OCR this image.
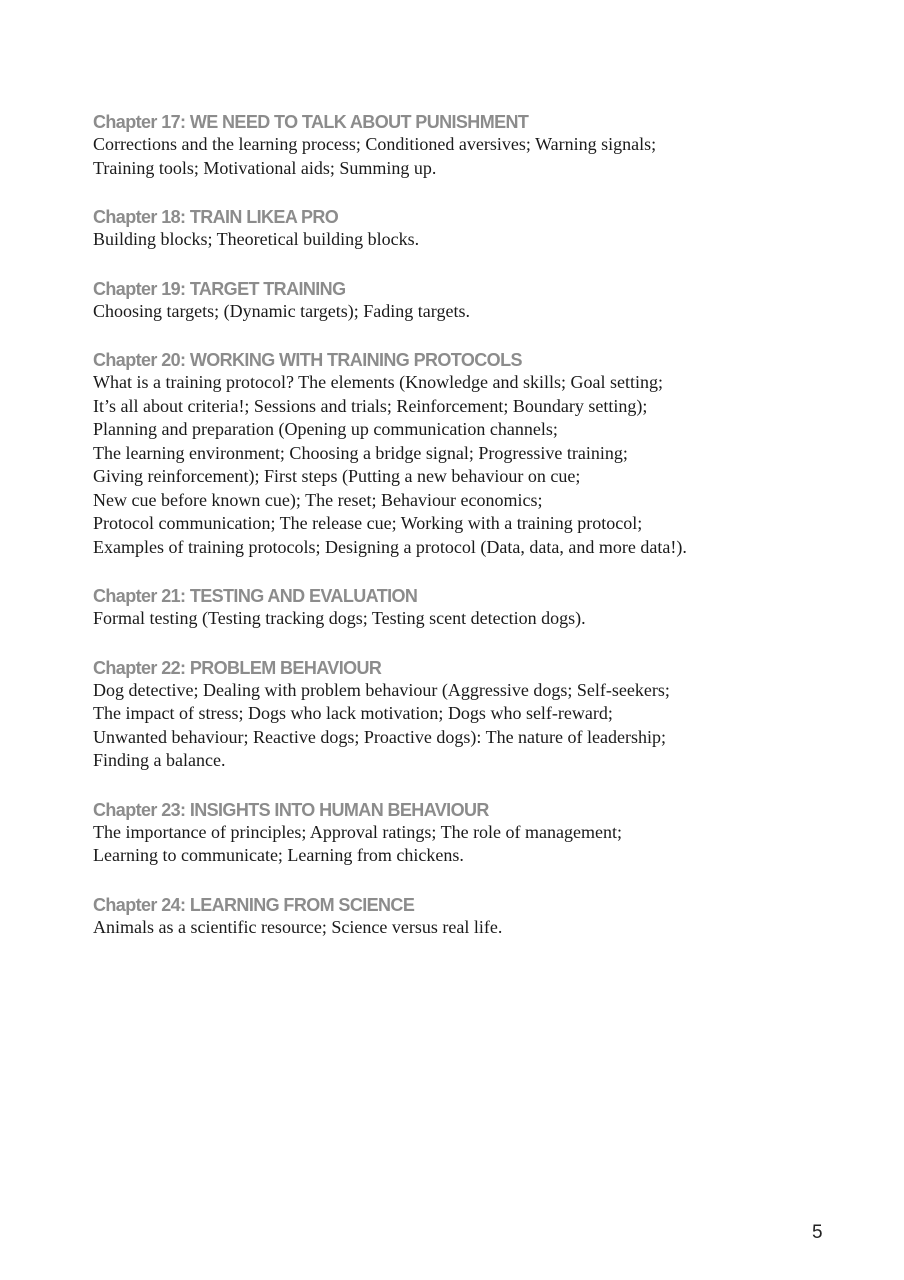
Chapter 17: WE NEED TO TALK ABOUT PUNISHMENT
Corrections and the learning process; Conditioned aversives; Warning signals;
Training tools; Motivational aids; Summing up.
Chapter 18: TRAIN LIKEA PRO
Building blocks; Theoretical building blocks.
Chapter 19: TARGET TRAINING
Choosing targets; (Dynamic targets); Fading targets.
Chapter 20: WORKING WITH TRAINING PROTOCOLS
What is a training protocol? The elements (Knowledge and skills; Goal setting;
It’s all about criteria!; Sessions and trials; Reinforcement; Boundary setting);
Planning and preparation (Opening up communication channels;
The learning environment; Choosing a bridge signal; Progressive training;
Giving reinforcement); First steps (Putting a new behaviour on cue;
New cue before known cue); The reset; Behaviour economics;
Protocol communication; The release cue; Working with a training protocol;
Examples of training protocols; Designing a protocol (Data, data, and more data!).
Chapter 21: TESTING AND EVALUATION
Formal testing (Testing tracking dogs; Testing scent detection dogs).
Chapter 22: PROBLEM BEHAVIOUR
Dog detective; Dealing with problem behaviour (Aggressive dogs; Self-seekers;
The impact of stress; Dogs who lack motivation; Dogs who self-reward;
Unwanted behaviour; Reactive dogs; Proactive dogs): The nature of leadership;
Finding a balance.
Chapter 23: INSIGHTS INTO HUMAN BEHAVIOUR
The importance of principles; Approval ratings; The role of management;
Learning to communicate; Learning from chickens.
Chapter 24: LEARNING FROM SCIENCE
Animals as a scientific resource; Science versus real life.
5
